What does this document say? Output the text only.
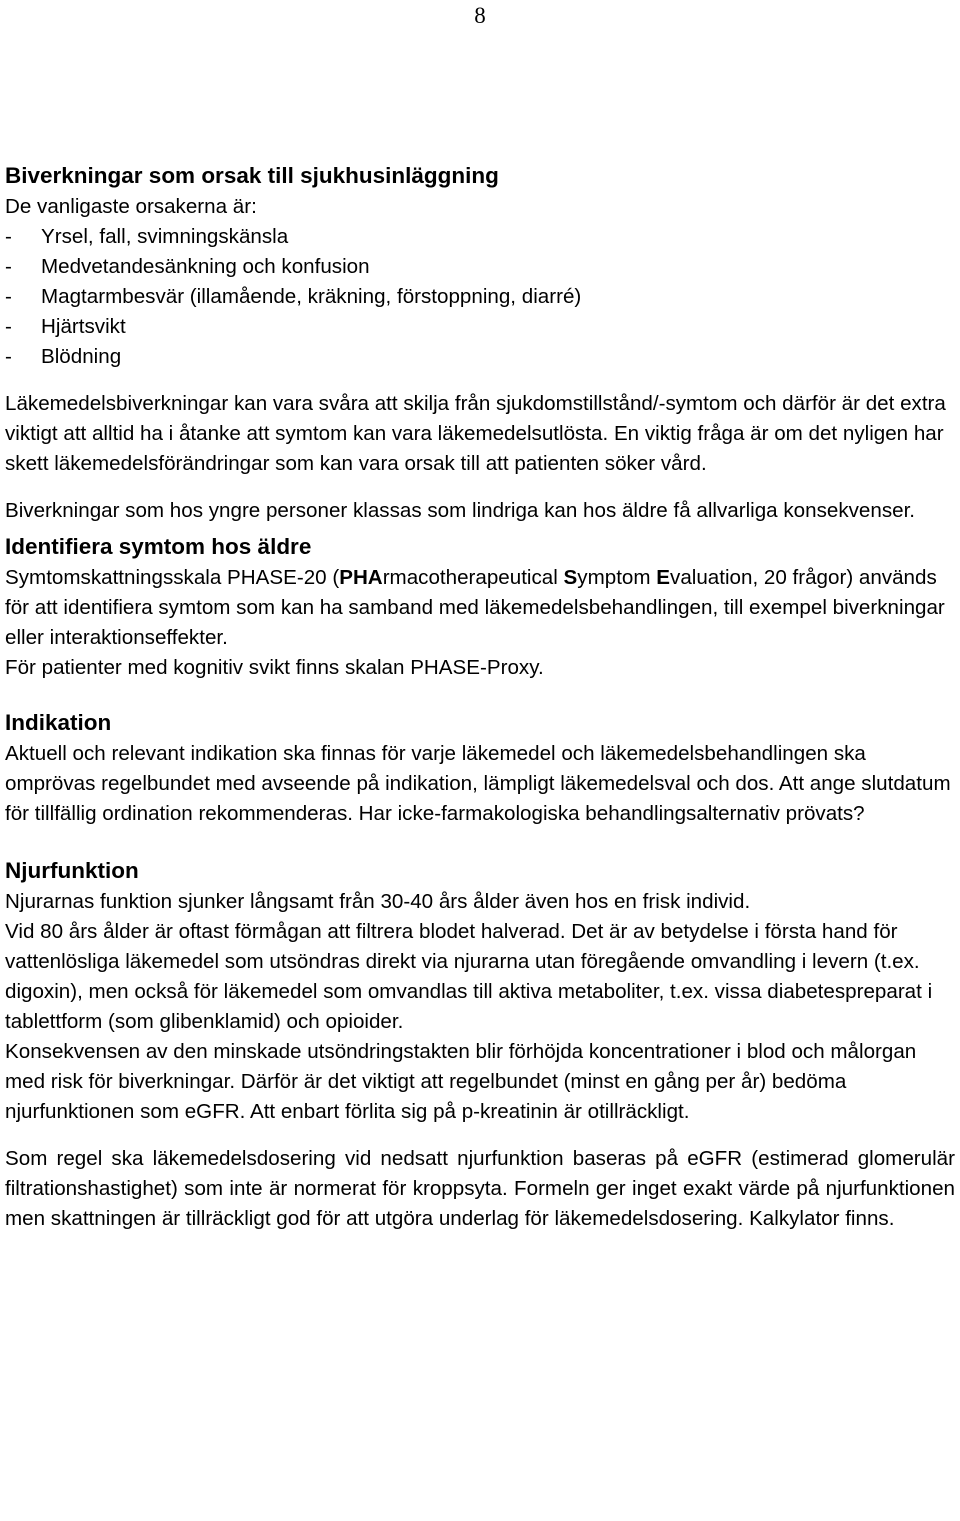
8
Biverkningar som orsak till sjukhusinläggning

De vanligaste orsakerna är:

-	Yrsel, fall, svimningskänsla
-	Medvetandesänkning och konfusion
-	Magtarmbesvär (illamående, kräkning, förstoppning, diarré)
-	Hjärtsvikt
-	Blödning

Läkemedelsbiverkningar kan vara svåra att skilja från sjukdomstillstånd/-symtom och därför är det extra viktigt att alltid ha i åtanke att symtom kan vara läkemedelsutlösta. En viktig fråga är om det nyligen har skett läkemedelsförändringar som kan vara orsak till att patienten söker vård.

Biverkningar som hos yngre personer klassas som lindriga kan hos äldre få allvarliga konsekvenser.

Identifiera symtom hos äldre

Symtomskattningsskala PHASE-20 (PHArmacotherapeutical Symptom Evaluation, 20 frågor) används för att identifiera symtom som kan ha samband med läkemedelsbehandlingen, till exempel biverkningar eller interaktionseffekter.

För patienter med kognitiv svikt finns skalan PHASE-Proxy.

Indikation

Aktuell och relevant indikation ska finnas för varje läkemedel och läkemedelsbehandlingen ska omprövas regelbundet med avseende på indikation, lämpligt läkemedelsval och dos. Att ange slutdatum för tillfällig ordination rekommenderas. Har icke-farmakologiska behandlingsalternativ prövats?

Njurfunktion

Njurarnas funktion sjunker långsamt från 30-40 års ålder även hos en frisk individ.

Vid 80 års ålder är oftast förmågan att filtrera blodet halverad. Det är av betydelse i första hand för vattenlösliga läkemedel som utsöndras direkt via njurarna utan föregående omvandling i levern (t.ex. digoxin), men också för läkemedel som omvandlas till aktiva metaboliter, t.ex. vissa diabetespreparat i tablettform (som glibenklamid) och opioider.

Konsekvensen av den minskade utsöndringstakten blir förhöjda koncentrationer i blod och målorgan med risk för biverkningar. Därför är det viktigt att regelbundet (minst en gång per år) bedöma njurfunktionen som eGFR. Att enbart förlita sig på p-kreatinin är otillräckligt.

Som regel ska läkemedelsdosering vid nedsatt njurfunktion baseras på eGFR (estimerad glomerulär filtrationshastighet) som inte är normerat för kroppsyta. Formeln ger inget exakt värde på njurfunktionen men skattningen är tillräckligt god för att utgöra underlag för läkemedelsdosering. Kalkylator finns.
